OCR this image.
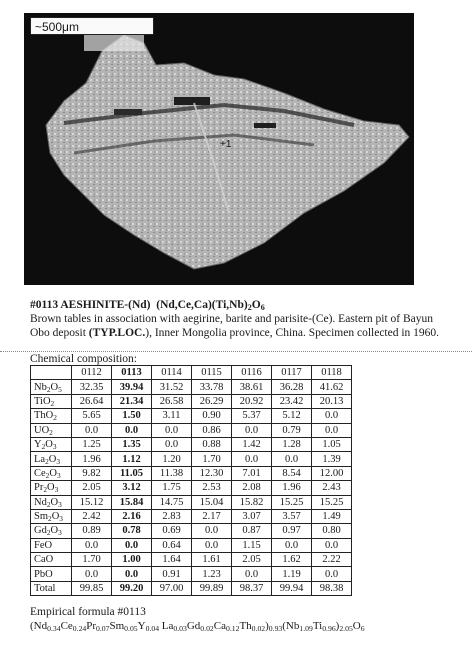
~500μm
+1
#0113 AESHINITE-(Nd) $(Nd,Ce,Ca)(Ti,Nb)_2O_6$

Brown tables in association with aegirine, barite and parisite-(Ce). Eastern pit of Bayun Obo deposit (TYP.LOC.), Inner Mongolia province, China. Specimen collected in 1960.

Chemical composition:
	0112	0113	0114	0115	0116	0117	0118
$Nb_2O_5$	32.35	39.94	31.52	33.78	38.61	36.28	41.62
TiO$_2$	26.64	21.34	26.58	26.29	20.92	23.42	20.13
ThO$_2$	5.65	1.50	3.11	0.90	5.37	5.12	0.0
$UO_2$	0.0	0.0	0.0	0.86	0.0	0.79	0.0
$Y_2O_3$	1.25	1.35	0.0	0.88	1.42	1.28	1.05
$La_2O_3$	1.96	1.12	1.20	1.70	0.0	0.0	1.39
$Ce_2O_3$	9.82	11.05	11.38	12.30	7.01	8.54	12.00
$Pr_2O_3$	2.05	3.12	1.75	2.53	2.08	1.96	2.43
$Nd_2O_3$	15.12	15.84	14.75	15.04	15.82	15.25	15.25
$Sm_2O_3$	2.42	2.16	2.83	2.17	3.07	3.57	1.49
$Gd_2O_3$	0.89	0.78	0.69	0.0	0.87	0.97	0.80
FeO	0.0	0.0	0.64	0.0	1.15	0.0	0.0
CaO	1.70	1.00	1.64	1.61	2.05	1.62	2.22
PbO	0.0	0.0	0.91	1.23	0.0	1.19	0.0
Total	99.85	99.20	97.00	99.89	98.37	99.94	98.38
Empirical formula #0113
($Nd_{0.34}Ce_{0.24}Pr_{0.07}Sm_{0.05}Y_{0.04}$ $La_{0.03}Gd_{0.02}Ca_{0.12}Th_{0.02})_{0.93}(Nb_{1.09}Ti_{0.96})_{2.05}O_6$
